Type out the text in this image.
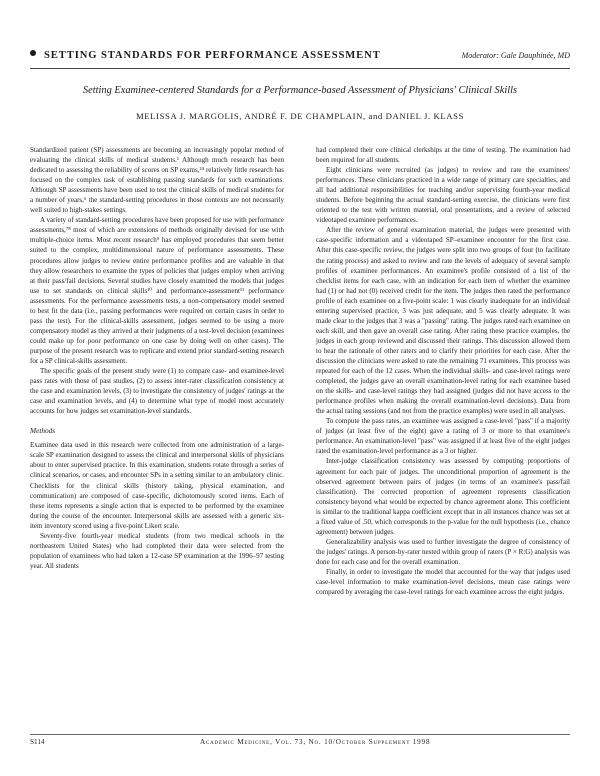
SETTING STANDARDS FOR PERFORMANCE ASSESSMENT	Moderator: Gale Dauphinée, MD
Setting Examinee-centered Standards for a Performance-based Assessment of Physicians' Clinical Skills
MELISSA J. MARGOLIS, ANDRÉ F. DE CHAMPLAIN, and DANIEL J. KLASS

Standardized patient (SP) assessments are becoming an increasingly popular method of evaluating the clinical skills of medical students.¹ Although much research has been dedicated to assessing the reliability of scores on SP exams,²⁴ relatively little research has focused on the complex task of establishing passing standards for such examinations. Although SP assessments have been used to test the clinical skills of medical students for a number of years,⁶ the standard-setting procedures in those contexts are not necessarily well suited to high-stakes settings.

A variety of standard-setting procedures have been proposed for use with performance assessments,⁷⁸ most of which are extensions of methods originally devised for use with multiple-choice items. Most recent research⁹ has employed procedures that seem better suited to the complex, multidimensional nature of performance assessments. These procedures allow judges to review entire performance profiles and are valuable in that they allow researchers to examine the types of policies that judges employ when arriving at their pass/fail decisions. Several studies have closely examined the models that judges use to set standards on clinical skills¹⁰ and performance-assessment¹¹ performance assessments. For the performance assessments tests, a non-compensatory model seemed to best fit the data (i.e., passing performances were required on certain cases in order to pass the test). For the clinical-skills assessment, judges seemed to be using a more compensatory model as they arrived at their judgments of a test-level decision (examinees could make up for poor performance on one case by doing well on other cases). The purpose of the present research was to replicate and extend prior standard-setting research for a SP clinical-skills assessment.

The specific goals of the present study were (1) to compare case- and examinee-level pass rates with those of past studies, (2) to assess inter-rater classification consistency at the case and examination levels, (3) to investigate the consistency of judges' ratings at the case and examination levels, and (4) to determine what type of model most accurately accounts for how judges set examination-level standards.

Methods

Examinee data used in this research were collected from one administration of a large-scale SP examination designed to assess the clinical and interpersonal skills of physicians about to enter supervised practice. In this examination, students rotate through a series of clinical scenarios, or cases, and encounter SPs in a setting similar to an ambulatory clinic. Checklists for the clinical skills (history taking, physical examination, and communication) are composed of case-specific, dichotomously scored items. Each of these items represents a single action that is expected to be performed by the examinee during the course of the encounter. Interpersonal skills are assessed with a generic six-item inventory scored using a five-point Likert scale.

Seventy-five fourth-year medical students (from two medical schools in the northeastern United States) who had completed their data were selected from the population of examinees who had taken a 12-case SP examination at the 1996–97 testing year. All students

had completed their core clinical clerkships at the time of testing. The examination had been required for all students.

Eight clinicians were recruited (as judges) to review and rate the examinees' performances. These clinicians practiced in a wide range of primary care specialties, and all had additional responsibilities for teaching and/or supervising fourth-year medical students. Before beginning the actual standard-setting exercise, the clinicians were first oriented to the test with written material, oral presentations, and a review of selected videotaped examinee performances.

After the review of general examination material, the judges were presented with case-specific information and a videotaped SP–examinee encounter for the first case. After this case-specific review, the judges were split into two groups of four (to facilitate the rating process) and asked to review and rate the levels of adequacy of several sample profiles of examinee performances. An examinee's profile consisted of a list of the checklist items for each case, with an indication for each item of whether the examinee had (1) or had not (0) received credit for the item. The judges then rated the performance profile of each examinee on a five-point scale: 1 was clearly inadequate for an individual entering supervised practice, 3 was just adequate, and 5 was clearly adequate. It was made clear to the judges that 3 was a "passing" rating. The judges rated each examinee on each skill, and then gave an overall case rating. After rating these practice examples, the judges in each group reviewed and discussed their ratings. This discussion allowed them to hear the rationale of other raters and to clarify their priorities for each case. After the discussion the clinicians were asked to rate the remaining 71 examinees. This process was repeated for each of the 12 cases. When the individual skills- and case-level ratings were completed, the judges gave an overall examination-level rating for each examinee based on the skills- and case-level ratings they had assigned (judges did not have access to the performance profiles when making the overall examination-level decisions). Data from the actual rating sessions (and not from the practice examples) were used in all analyses.

To compute the pass rates, an examinee was assigned a case-level "pass" if a majority of judges (at least five of the eight) gave a rating of 3 or more to that examinee's performance. An examination-level "pass" was assigned if at least five of the eight judges rated the examination-level performance as a 3 or higher.

Inter-judge classification consistency was assessed by computing proportions of agreement for each pair of judges. The unconditional proportion of agreement is the observed agreement between pairs of judges (in terms of an examinee's pass/fail classification). The corrected proportion of agreement represents classification consistency beyond what would be expected by chance agreement alone. This coefficient is similar to the traditional kappa coefficient except that in all instances chance was set at a fixed value of .50, which corresponds to the p-value for the null hypothesis (i.e., chance agreement) between judges.

Generalizability analysis was used to further investigate the degree of consistency of the judges' ratings. A person-by-rater nested within group of raters (P × R:G) analysis was done for each case and for the overall examination.

Finally, in order to investigate the model that accounted for the way that judges used case-level information to make examination-level decisions, mean case ratings were compared by averaging the case-level ratings for each examinee across the eight judges.

S114	Academic Medicine, Vol. 73, No. 10/October Supplement 1998
